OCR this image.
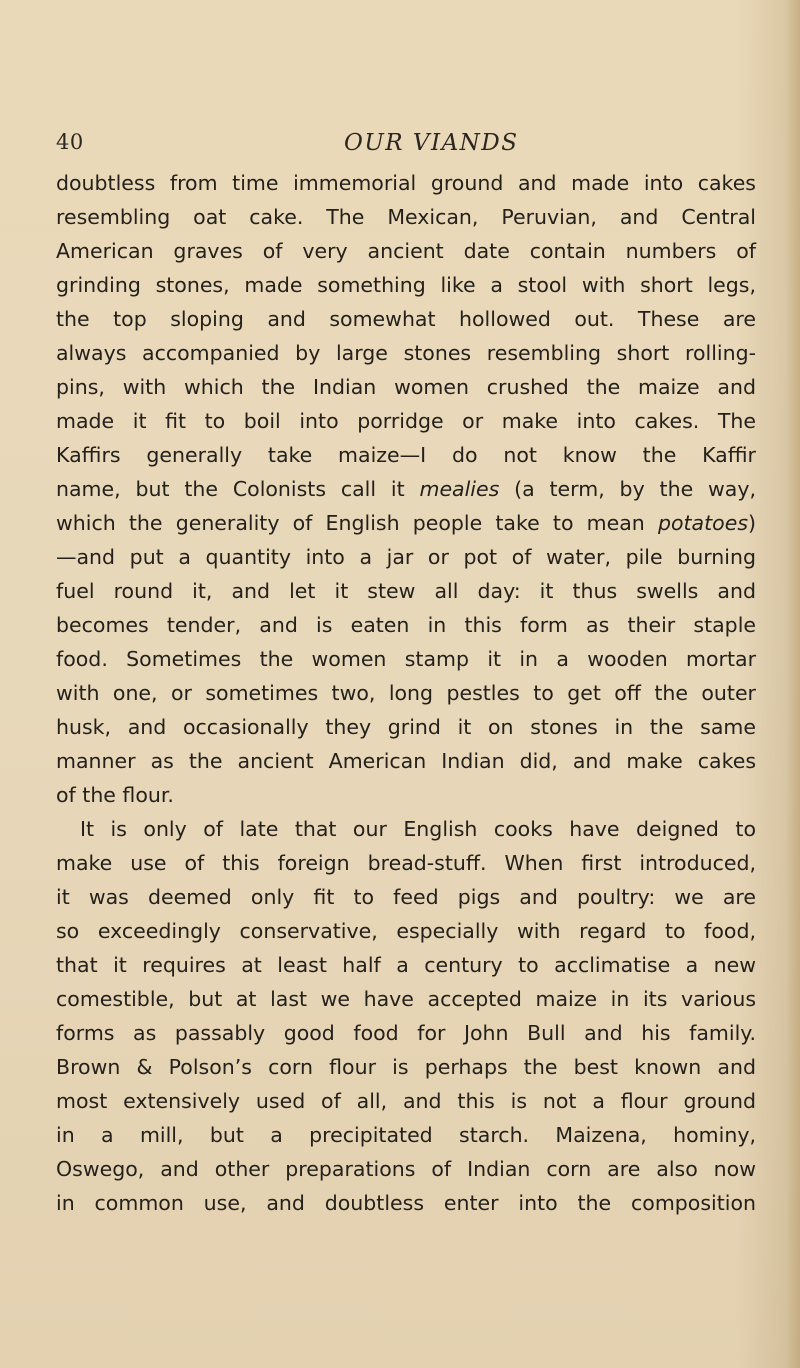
40	OUR VIANDS
doubtless from time immemorial ground and made into cakes
resembling oat cake. The Mexican, Peruvian, and Central
American graves of very ancient date contain numbers of
grinding stones, made something like a stool with short legs,
the top sloping and somewhat hollowed out. These are
always accompanied by large stones resembling short rolling-
pins, with which the Indian women crushed the maize and
made it fit to boil into porridge or make into cakes. The
Kaffirs generally take maize—I do not know the Kaffir
name, but the Colonists call it mealies (a term, by the way,
which the generality of English people take to mean potatoes)
—and put a quantity into a jar or pot of water, pile burning
fuel round it, and let it stew all day: it thus swells and
becomes tender, and is eaten in this form as their staple
food. Sometimes the women stamp it in a wooden mortar
with one, or sometimes two, long pestles to get off the outer
husk, and occasionally they grind it on stones in the same
manner as the ancient American Indian did, and make cakes
of the flour.
It is only of late that our English cooks have deigned to
make use of this foreign bread-stuff. When first introduced,
it was deemed only fit to feed pigs and poultry: we are
so exceedingly conservative, especially with regard to food,
that it requires at least half a century to acclimatise a new
comestible, but at last we have accepted maize in its various
forms as passably good food for John Bull and his family.
Brown & Polson’s corn flour is perhaps the best known and
most extensively used of all, and this is not a flour ground
in a mill, but a precipitated starch. Maizena, hominy,
Oswego, and other preparations of Indian corn are also now
in common use, and doubtless enter into the composition
